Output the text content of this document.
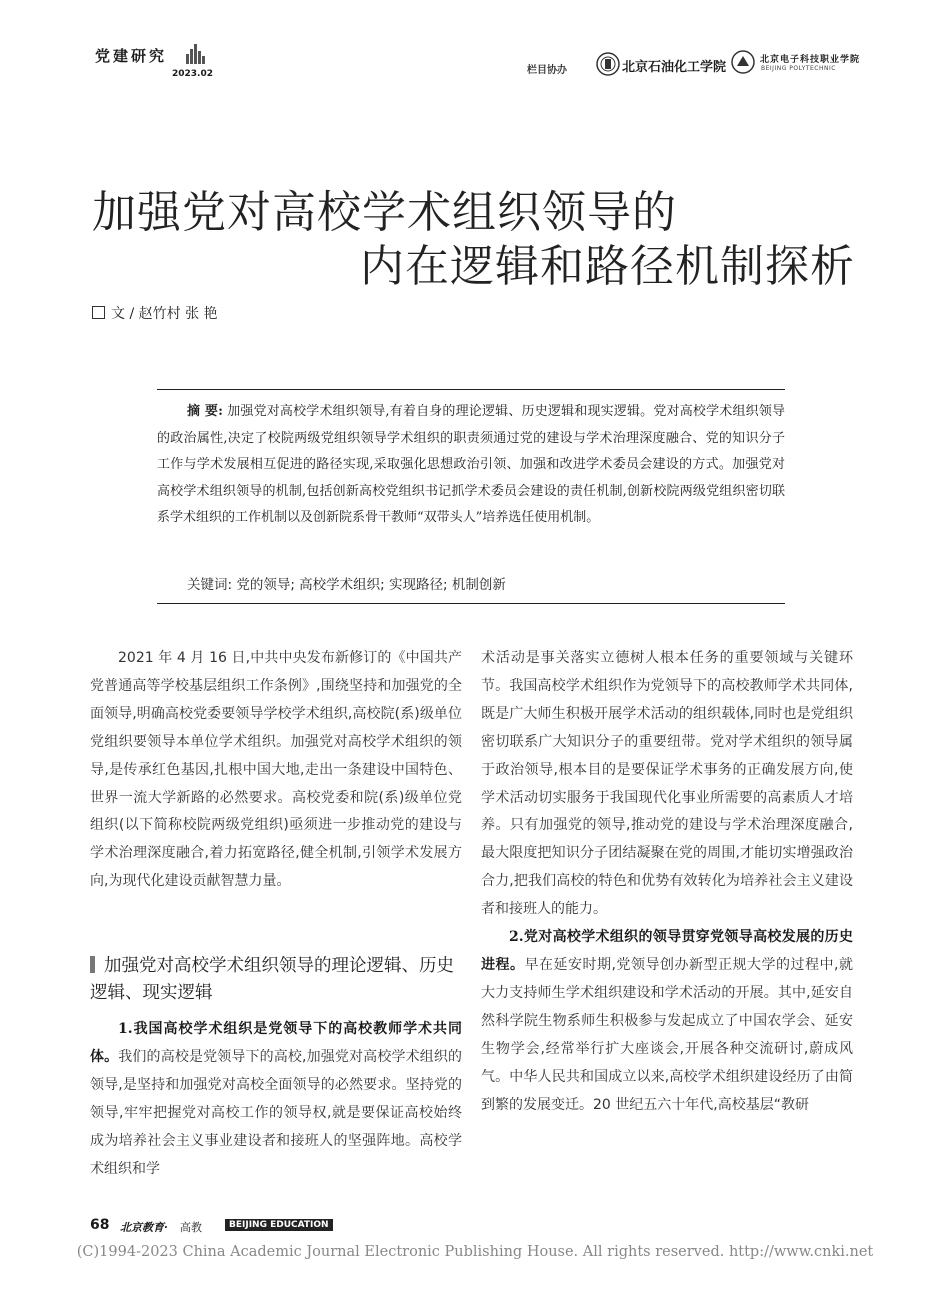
党建研究
2023.02	栏目协办	北京石油化工学院	北京电子科技职业学院
BEIJING POLYTECHNIC
加强党对高校学术组织领导的
内在逻辑和路径机制探析
文 / 赵竹村 张 艳
摘 要: 加强党对高校学术组织领导,有着自身的理论逻辑、历史逻辑和现实逻辑。党对高校学术组织领导的政治属性,决定了校院两级党组织领导学术组织的职责须通过党的建设与学术治理深度融合、党的知识分子工作与学术发展相互促进的路径实现,采取强化思想政治引领、加强和改进学术委员会建设的方式。加强党对高校学术组织领导的机制,包括创新高校党组织书记抓学术委员会建设的责任机制,创新校院两级党组织密切联系学术组织的工作机制以及创新院系骨干教师“双带头人”培养选任使用机制。
关键词: 党的领导; 高校学术组织; 实现路径; 机制创新

2021 年 4 月 16 日,中共中央发布新修订的《中国共产党普通高等学校基层组织工作条例》,围绕坚持和加强党的全面领导,明确高校党委要领导学校学术组织,高校院(系)级单位党组织要领导本单位学术组织。加强党对高校学术组织的领导,是传承红色基因,扎根中国大地,走出一条建设中国特色、世界一流大学新路的必然要求。高校党委和院(系)级单位党组织(以下简称校院两级党组织)亟须进一步推动党的建设与学术治理深度融合,着力拓宽路径,健全机制,引领学术发展方向,为现代化建设贡献智慧力量。

加强党对高校学术组织领导的理论逻辑、历史逻辑、现实逻辑

1.我国高校学术组织是党领导下的高校教师学术共同体。我们的高校是党领导下的高校,加强党对高校学术组织的领导,是坚持和加强党对高校全面领导的必然要求。坚持党的领导,牢牢把握党对高校工作的领导权,就是要保证高校始终成为培养社会主义事业建设者和接班人的坚强阵地。高校学术组织和学

术活动是事关落实立德树人根本任务的重要领域与关键环节。我国高校学术组织作为党领导下的高校教师学术共同体,既是广大师生积极开展学术活动的组织载体,同时也是党组织密切联系广大知识分子的重要纽带。党对学术组织的领导属于政治领导,根本目的是要保证学术事务的正确发展方向,使学术活动切实服务于我国现代化事业所需要的高素质人才培养。只有加强党的领导,推动党的建设与学术治理深度融合,最大限度把知识分子团结凝聚在党的周围,才能切实增强政治合力,把我们高校的特色和优势有效转化为培养社会主义建设者和接班人的能力。

2.党对高校学术组织的领导贯穿党领导高校发展的历史进程。早在延安时期,党领导创办新型正规大学的过程中,就大力支持师生学术组织建设和学术活动的开展。其中,延安自然科学院生物系师生积极参与发起成立了中国农学会、延安生物学会,经常举行扩大座谈会,开展各种交流研讨,蔚成风气。中华人民共和国成立以来,高校学术组织建设经历了由简到繁的发展变迁。20 世纪五六十年代,高校基层“教研

68 北京教育· 高教	BEIJING EDUCATION
(C)1994-2023 China Academic Journal Electronic Publishing House. All rights reserved. http://www.cnki.net
